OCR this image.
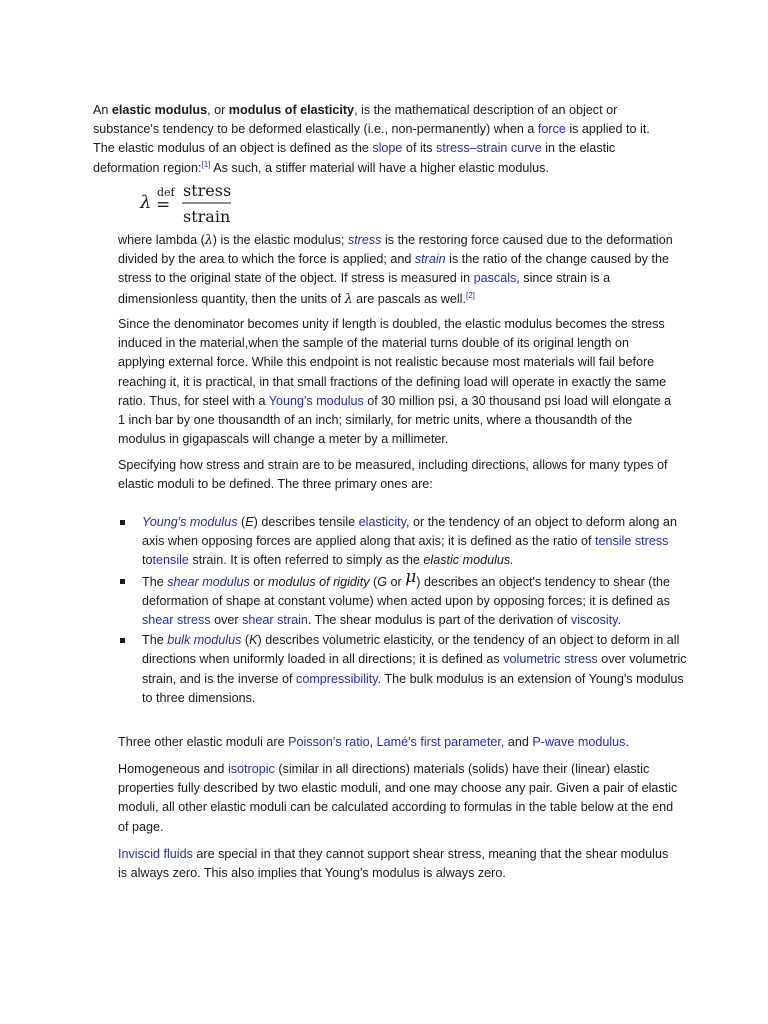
An elastic modulus, or modulus of elasticity, is the mathematical description of an object or substance's tendency to be deformed elastically (i.e., non-permanently) when a force is applied to it. The elastic modulus of an object is defined as the slope of its stress–strain curve in the elastic deformation region:[1] As such, a stiffer material will have a higher elastic modulus.

λ def
=
stress
strain

where lambda (λ) is the elastic modulus; stress is the restoring force caused due to the deformation divided by the area to which the force is applied; and strain is the ratio of the change caused by the stress to the original state of the object. If stress is measured in pascals, since strain is a dimensionless quantity, then the units of λ are pascals as well.[2]

Since the denominator becomes unity if length is doubled, the elastic modulus becomes the stress induced in the material,when the sample of the material turns double of its original length on applying external force. While this endpoint is not realistic because most materials will fail before reaching it, it is practical, in that small fractions of the defining load will operate in exactly the same ratio. Thus, for steel with a Young's modulus of 30 million psi, a 30 thousand psi load will elongate a 1 inch bar by one thousandth of an inch; similarly, for metric units, where a thousandth of the modulus in gigapascals will change a meter by a millimeter.

Specifying how stress and strain are to be measured, including directions, allows for many types of elastic moduli to be defined. The three primary ones are:

Young's modulus (E) describes tensile elasticity, or the tendency of an object to deform along an axis when opposing forces are applied along that axis; it is defined as the ratio of tensile stress totensile strain. It is often referred to simply as the elastic modulus.
The shear modulus or modulus of rigidity (G or μ) describes an object's tendency to shear (the deformation of shape at constant volume) when acted upon by opposing forces; it is defined as shear stress over shear strain. The shear modulus is part of the derivation of viscosity.
The bulk modulus (K) describes volumetric elasticity, or the tendency of an object to deform in all directions when uniformly loaded in all directions; it is defined as volumetric stress over volumetric strain, and is the inverse of compressibility. The bulk modulus is an extension of Young's modulus to three dimensions.

Three other elastic moduli are Poisson's ratio, Lamé's first parameter, and P-wave modulus.

Homogeneous and isotropic (similar in all directions) materials (solids) have their (linear) elastic properties fully described by two elastic moduli, and one may choose any pair. Given a pair of elastic moduli, all other elastic moduli can be calculated according to formulas in the table below at the end of page.

Inviscid fluids are special in that they cannot support shear stress, meaning that the shear modulus is always zero. This also implies that Young's modulus is always zero.
